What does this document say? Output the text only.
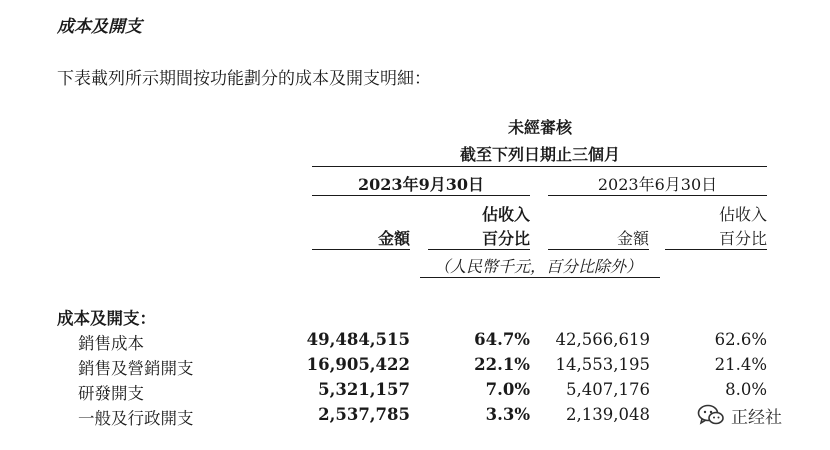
成本及開支
下表載列所示期間按功能劃分的成本及開支明細：
未經審核
截至下列日期止三個月
2023年9月30日	2023年6月30日
佔收入	佔收入
金額	百分比	金額	百分比
（人民幣千元，百分比除外）
成本及開支：
銷售成本	49,484,515	64.7%	42,566,619	62.6%
銷售及營銷開支	16,905,422	22.1%	14,553,195	21.4%
研發開支	5,321,157	7.0%	5,407,176	8.0%
一般及行政開支	2,537,785	3.3%	2,139,048	正经社
